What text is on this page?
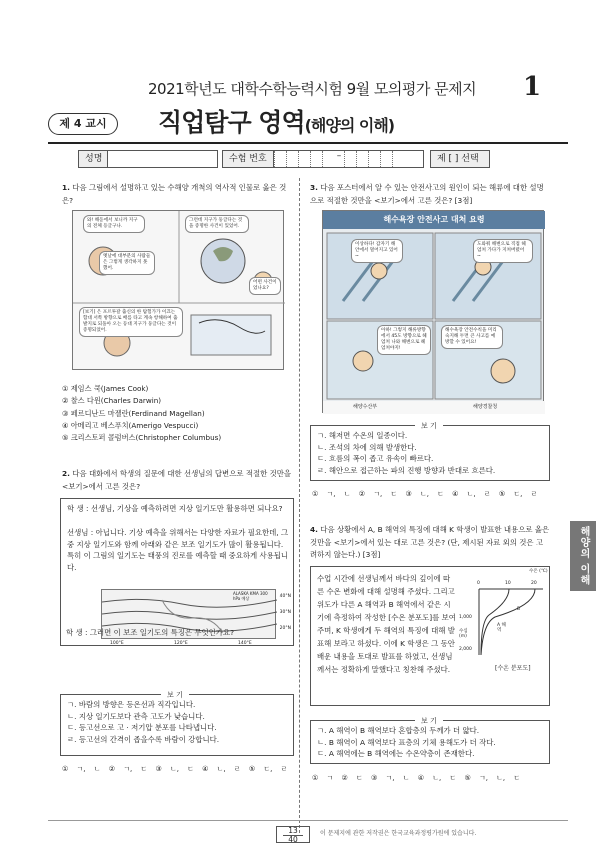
2021학년도 대학수학능력시험 9월 모의평가 문제지 1
제 4 교시	직업탐구 영역(해양의 이해)
성명	수험 번호	–	제 [ ] 선택
1. 다음 그림에서 설명하고 있는 수해양 개척의 역사적 인물로 옳은 것은?
와! 해돋에서 보니까 지구의 전체 등글구나.
그런데 지구가 둥글다는 것을 증명한 사건이 있었어.
옛날에 대부분의 사람들은 그렇게 생각하지 못했어.
어떤 사건이었나요?
[보기] 은 포르투갈 출신의 한 탐험가가 이끄는 함대 서쪽 방향으로 배를 타고 계속 항해하여 출발지로 되돌아 오는 등대 지구가 둥글다는 것이 증명되었어.
① 제임스 쿡(James Cook)
② 찰스 다윈(Charles Darwin)
③ 페르디난드 마젤란(Ferdinand Magellan)
④ 아메리고 베스푸치(Amerigo Vespucci)
⑤ 크리스토퍼 콜럼버스(Christopher Columbus)
2. 다음 대화에서 학생의 질문에 대한 선생님의 답변으로 적절한 것만을 <보기>에서 고른 것은?
학 생 : 선생님, 기상을 예측하려면 지상 일기도만 활용하면 되나요?
선생님 : 아닙니다. 기상 예측을 위해서는 다양한 자료가 필요한데, 그 중 지상 일기도와 함께 아래와 같은 보조 일기도가 많이 활용됩니다. 특히 이 그림의 일기도는 태풍의 진로를 예측할 때 중요하게 사용됩니다.
ALASKA KMA 300 hPa 예상	40°N
30°N
20°N
100°E	120°E	140°E
학 생 : 그러면 이 보조 일기도의 특징은 무엇인가요?
보 기
ㄱ. 바람의 방향은 등온선과 직각입니다.
ㄴ. 지상 일기도보다 관측 고도가 낮습니다.
ㄷ. 등고선으로 고 · 저기압 분포를 나타냅니다.
ㄹ. 등고선의 간격이 좁을수록 바람이 강합니다.
① ㄱ, ㄴ ② ㄱ, ㄷ ③ ㄴ, ㄷ ④ ㄴ, ㄹ ⑤ ㄷ, ㄹ
3. 다음 포스터에서 알 수 있는 안전사고의 원인이 되는 해류에 대한 설명으로 적절한 것만을 <보기>에서 고른 것은? [3점]
해수욕장 안전사고 대처 요령
이상하다! 갑자기 해안에서 멀어지고 있어 ~
도와줘 해변으로 직접 헤엄쳐 가다가 지쳐버렸어 ~
아하! 그렇지 해류방향에서 45도 방향으로 헤엄쳐 나와 해변으로 헤엄쳐야지!
해수욕장 안전수칙을 미리 숙지해 두면 큰 사고를 예방할 수 있어요!
해양수산부	해양경찰청
보 기
ㄱ. 해저면 수온의 일종이다.
ㄴ. 조석의 차에 의해 발생한다.
ㄷ. 흐름의 폭이 좁고 유속이 빠르다.
ㄹ. 해안으로 접근하는 파의 진행 방향과 반대로 흐른다.
① ㄱ, ㄴ ② ㄱ, ㄷ ③ ㄴ, ㄷ ④ ㄴ, ㄹ ⑤ ㄷ, ㄹ
4. 다음 상황에서 A, B 해역의 특징에 대해 K 학생이 발표한 내용으로 옳은 것만을 <보기>에서 있는 대로 고른 것은? (단, 제시된 자료 외의 것은 고려하지 않는다.) [3점]
수업 시간에 선생님께서 바다의 깊이에 따른 수온 변화에 대해 설명해 주셨다. 그리고 위도가 다른 A 해역과 B 해역에서 같은 시기에 측정하여 작성한 [수온 분포도]를 보여주며, K 학생에게 두 해역의 특징에 대해 발표해 보라고 하셨다. 이에 K 학생은 그 동안 배운 내용을 토대로 발표를 하였고, 선생님께서는 정확하게 말했다고 칭찬해 주셨다.
수온 (℃)
0	10	20
1,000
2,000
수심 (m)
A 해역
B
[수온 분포도]
보 기
ㄱ. A 해역이 B 해역보다 혼합층의 두께가 더 얇다.
ㄴ. B 해역이 A 해역보다 표층의 기체 용해도가 더 작다.
ㄷ. A 해역에는 B 해역에는 수온약층이 존재한다.
① ㄱ ② ㄷ ③ ㄱ, ㄴ ④ ㄴ, ㄷ ⑤ ㄱ, ㄴ, ㄷ
해양의 이해
13
40
이 문제지에 관한 저작권은 한국교육과정평가원에 있습니다.
